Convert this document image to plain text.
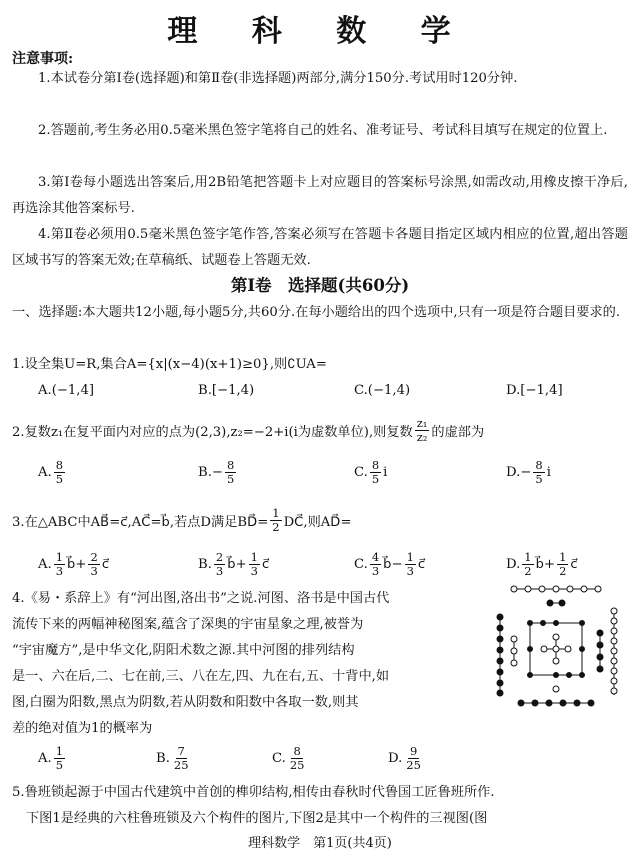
理 科 数 学
注意事项:
1.本试卷分第Ⅰ卷(选择题)和第Ⅱ卷(非选择题)两部分,满分150分.考试用时120分钟.
2.答题前,考生务必用0.5毫米黑色签字笔将自己的姓名、准考证号、考试科目填写在规定的位置上.
3.第Ⅰ卷每小题选出答案后,用2B铅笔把答题卡上对应题目的答案标号涂黑,如需改动,用橡皮擦干净后,再选涂其他答案标号.
4.第Ⅱ卷必须用0.5毫米黑色签字笔作答,答案必须写在答题卡各题目指定区域内相应的位置,超出答题区域书写的答案无效;在草稿纸、试题卷上答题无效.
第Ⅰ卷　选择题(共60分)
一、选择题:本大题共12小题,每小题5分,共60分.在每小题给出的四个选项中,只有一项是符合题目要求的.
1.设全集U=R,集合A={x|(x−4)(x+1)≥0},则∁UA=
A.(−1,4]	B.[−1,4)	C.(−1,4)	D.[−1,4]
2.复数z₁在复平面内对应的点为(2,3),z₂=−2+i(i为虚数单位),则复数 $\frac{\text{z₁}}{\text{z₂}}$ 的虚部为
A. $\frac{8}{5}$	B. − $\frac{8}{5}$	C. $\frac{8}{5}$ i	D. − $\frac{8}{5}$ i
3.在△ABC中AB⃗=c⃗,AC⃗=b⃗,若点D满足BD⃗= $\frac{1}{2}$ DC⃗,则AD⃗=
A. $\frac{1}{3}$ b⃗ + $\frac{2}{3}$ c⃗	B. $\frac{2}{3}$ b⃗ + $\frac{1}{3}$ c⃗	C. $\frac{4}{3}$ b⃗ − $\frac{1}{3}$ c⃗	D. $\frac{1}{2}$ b⃗ + $\frac{1}{2}$ c⃗
4.《易・系辞上》有“河出图,洛出书”之说.河图、洛书是中国古代
流传下来的两幅神秘图案,蕴含了深奥的宇宙星象之理,被誉为
“宇宙魔方”,是中华文化,阴阳术数之源.其中河图的排列结构
是一、六在后,二、七在前,三、八在左,四、九在右,五、十背中,如
图,白圈为阳数,黑点为阴数,若从阴数和阳数中各取一数,则其
差的绝对值为1的概率为
A. $\frac{1}{5}$	B. $\frac{7}{25}$	C. $\frac{8}{25}$	D. $\frac{9}{25}$
5.鲁班锁起源于中国古代建筑中首创的榫卯结构,相传由春秋时代鲁国工匠鲁班所作.
下图1是经典的六柱鲁班锁及六个构件的图片,下图2是其中一个构件的三视图(图
理科数学　第1页(共4页)
